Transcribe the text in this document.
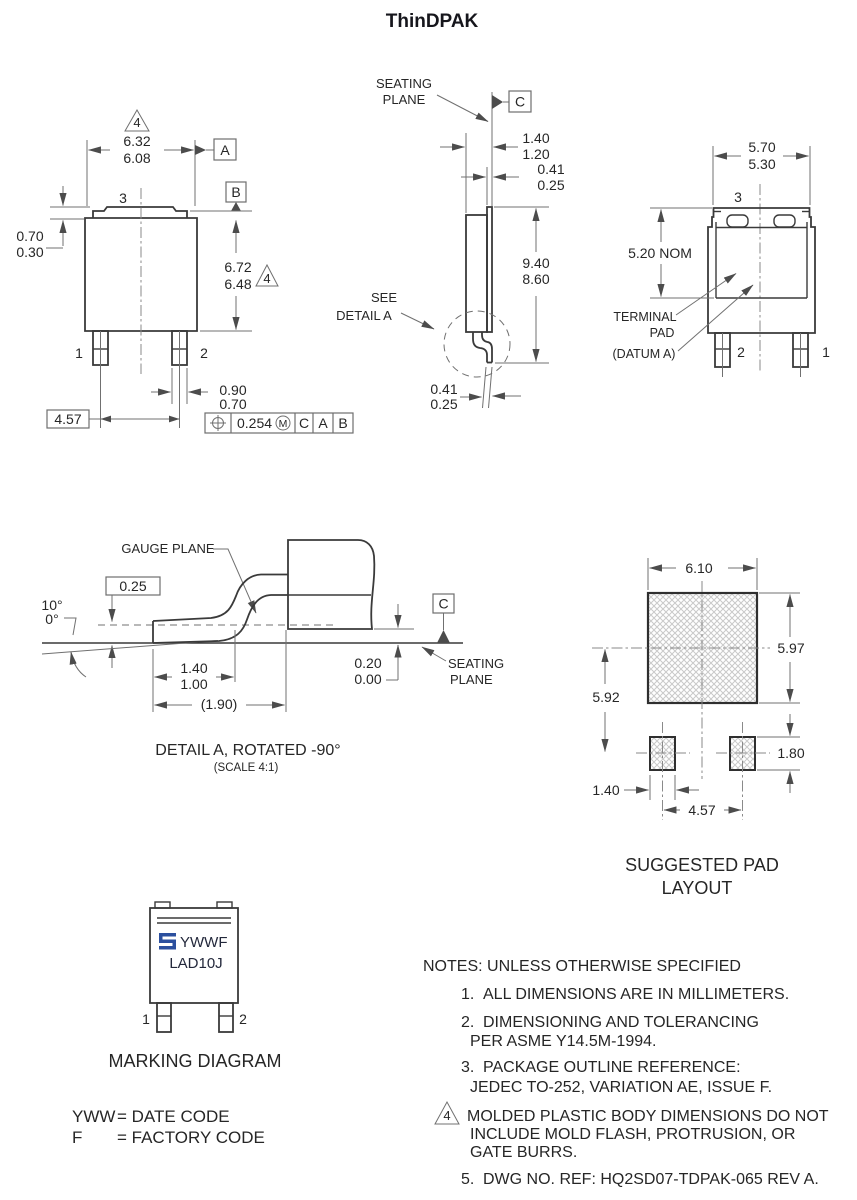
ThinDPAK
4
6.32
6.08	A
B
3
1	2
0.70
0.30
6.72
6.48 4
0.90
0.70
4.57	0.254 M C A B
SEATING
PLANE	C
1.40
1.20
0.41
0.25
9.40
8.60
SEE
DETAIL A
0.41
0.25
5.70
5.30
3
5.20 NOM
TERMINAL
PAD
(DATUM A)	2	1
GAUGE PLANE
0.25
10°
0°
0.20
0.00
SEATING
PLANE
C
1.40
1.00
(1.90)
DETAIL A, ROTATED -90°
(SCALE 4:1)
6.10
5.97
5.92
1.80
1.40
4.57
SUGGESTED PAD
LAYOUT
YWWF
LAD10J
1	2
MARKING DIAGRAM
YWW = DATE CODE
F = FACTORY CODE
NOTES: UNLESS OTHERWISE SPECIFIED
1. ALL DIMENSIONS ARE IN MILLIMETERS.
2. DIMENSIONING AND TOLERANCING
PER ASME Y14.5M-1994.
3. PACKAGE OUTLINE REFERENCE:
JEDEC TO-252, VARIATION AE, ISSUE F.
4 MOLDED PLASTIC BODY DIMENSIONS DO NOT
INCLUDE MOLD FLASH, PROTRUSION, OR
GATE BURRS.
5. DWG NO. REF: HQ2SD07-TDPAK-065 REV A.
